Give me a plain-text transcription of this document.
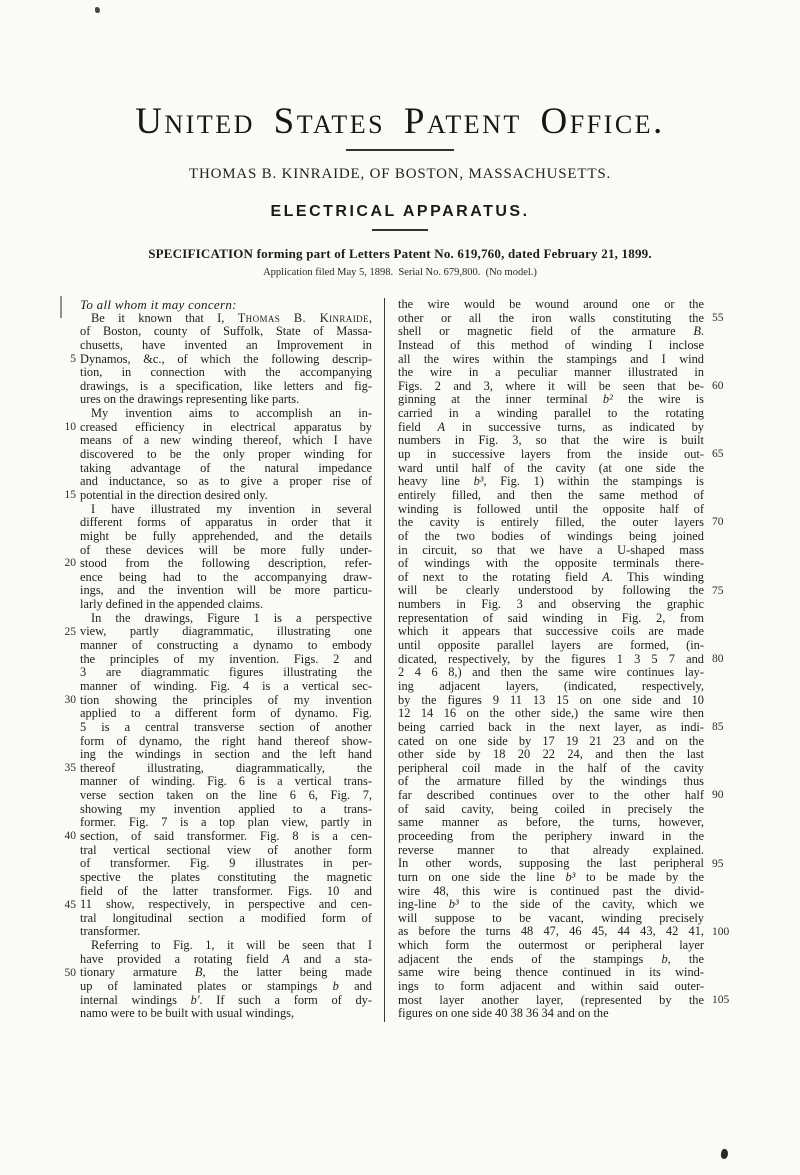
United States Patent Office.
THOMAS B. KINRAIDE, OF BOSTON, MASSACHUSETTS.
ELECTRICAL APPARATUS.

SPECIFICATION forming part of Letters Patent No. 619,760, dated February 21, 1899.

Application filed May 5, 1898.  Serial No. 679,800.  (No model.)

To all whom it may concern:
Be it known that I, Thomas B. Kinraide,
of Boston, county of Suffolk, State of Massa-
chusetts, have invented an Improvement in
Dynamos, &c., of which the following descrip-
tion, in connection with the accompanying
drawings, is a specification, like letters and fig-
ures on the drawings representing like parts.
My invention aims to accomplish an in-
creased efficiency in electrical apparatus by
means of a new winding thereof, which I have
discovered to be the only proper winding for
taking advantage of the natural impedance
and inductance, so as to give a proper rise of
potential in the direction desired only.
I have illustrated my invention in several
different forms of apparatus in order that it
might be fully apprehended, and the details
of these devices will be more fully under-
stood from the following description, refer-
ence being had to the accompanying draw-
ings, and the invention will be more particu-
larly defined in the appended claims.
In the drawings, Figure 1 is a perspective
view, partly diagrammatic, illustrating one
manner of constructing a dynamo to embody
the principles of my invention. Figs. 2 and
3 are diagrammatic figures illustrating the
manner of winding. Fig. 4 is a vertical sec-
tion showing the principles of my invention
applied to a different form of dynamo. Fig.
5 is a central transverse section of another
form of dynamo, the right hand thereof show-
ing the windings in section and the left hand
thereof illustrating, diagrammatically, the
manner of winding. Fig. 6 is a vertical trans-
verse section taken on the line 6 6, Fig. 7,
showing my invention applied to a trans-
former. Fig. 7 is a top plan view, partly in
section, of said transformer. Fig. 8 is a cen-
tral vertical sectional view of another form
of transformer. Fig. 9 illustrates in per-
spective the plates constituting the magnetic
field of the latter transformer. Figs. 10 and
11 show, respectively, in perspective and cen-
tral longitudinal section a modified form of
transformer.
Referring to Fig. 1, it will be seen that I
have provided a rotating field A and a sta-
tionary armature B, the latter being made
up of laminated plates or stampings b and
internal windings b'. If such a form of dy-
namo were to be built with usual windings,
the wire would be wound around one or the
other or all the iron walls constituting the
shell or magnetic field of the armature B.
Instead of this method of winding I inclose
all the wires within the stampings and I wind
the wire in a peculiar manner illustrated in
Figs. 2 and 3, where it will be seen that be-
ginning at the inner terminal b² the wire is
carried in a winding parallel to the rotating
field A in successive turns, as indicated by
numbers in Fig. 3, so that the wire is built
up in successive layers from the inside out-
ward until half of the cavity (at one side the
heavy line b³, Fig. 1) within the stampings is
entirely filled, and then the same method of
winding is followed until the opposite half of
the cavity is entirely filled, the outer layers
of the two bodies of windings being joined
in circuit, so that we have a U-shaped mass
of windings with the opposite terminals there-
of next to the rotating field A. This winding
will be clearly understood by following the
numbers in Fig. 3 and observing the graphic
representation of said winding in Fig. 2, from
which it appears that successive coils are made
until opposite parallel layers are formed, (in-
dicated, respectively, by the figures 1 3 5 7 and
2 4 6 8,) and then the same wire continues lay-
ing adjacent layers, (indicated, respectively,
by the figures 9 11 13 15 on one side and 10
12 14 16 on the other side,) the same wire then
being carried back in the next layer, as indi-
cated on one side by 17 19 21 23 and on the
other side by 18 20 22 24, and then the last
peripheral coil made in the half of the cavity
of the armature filled by the windings thus
far described continues over to the other half
of said cavity, being coiled in precisely the
same manner as before, the turns, however,
proceeding from the periphery inward in the
reverse manner to that already explained.
In other words, supposing the last peripheral
turn on one side the line b³ to be made by the
wire 48, this wire is continued past the divid-
ing-line b³ to the side of the cavity, which we
will suppose to be vacant, winding precisely
as before the turns 48 47, 46 45, 44 43, 42 41,
which form the outermost or peripheral layer
adjacent the ends of the stampings b, the
same wire being thence continued in its wind-
ings to form adjacent and within said outer-
most layer another layer, (represented by the
figures on one side 40 38 36 34 and on the
5
10
15
20
25
30
35
40
45
50
55
60
65
70
75
80
85
90
95
100
105
